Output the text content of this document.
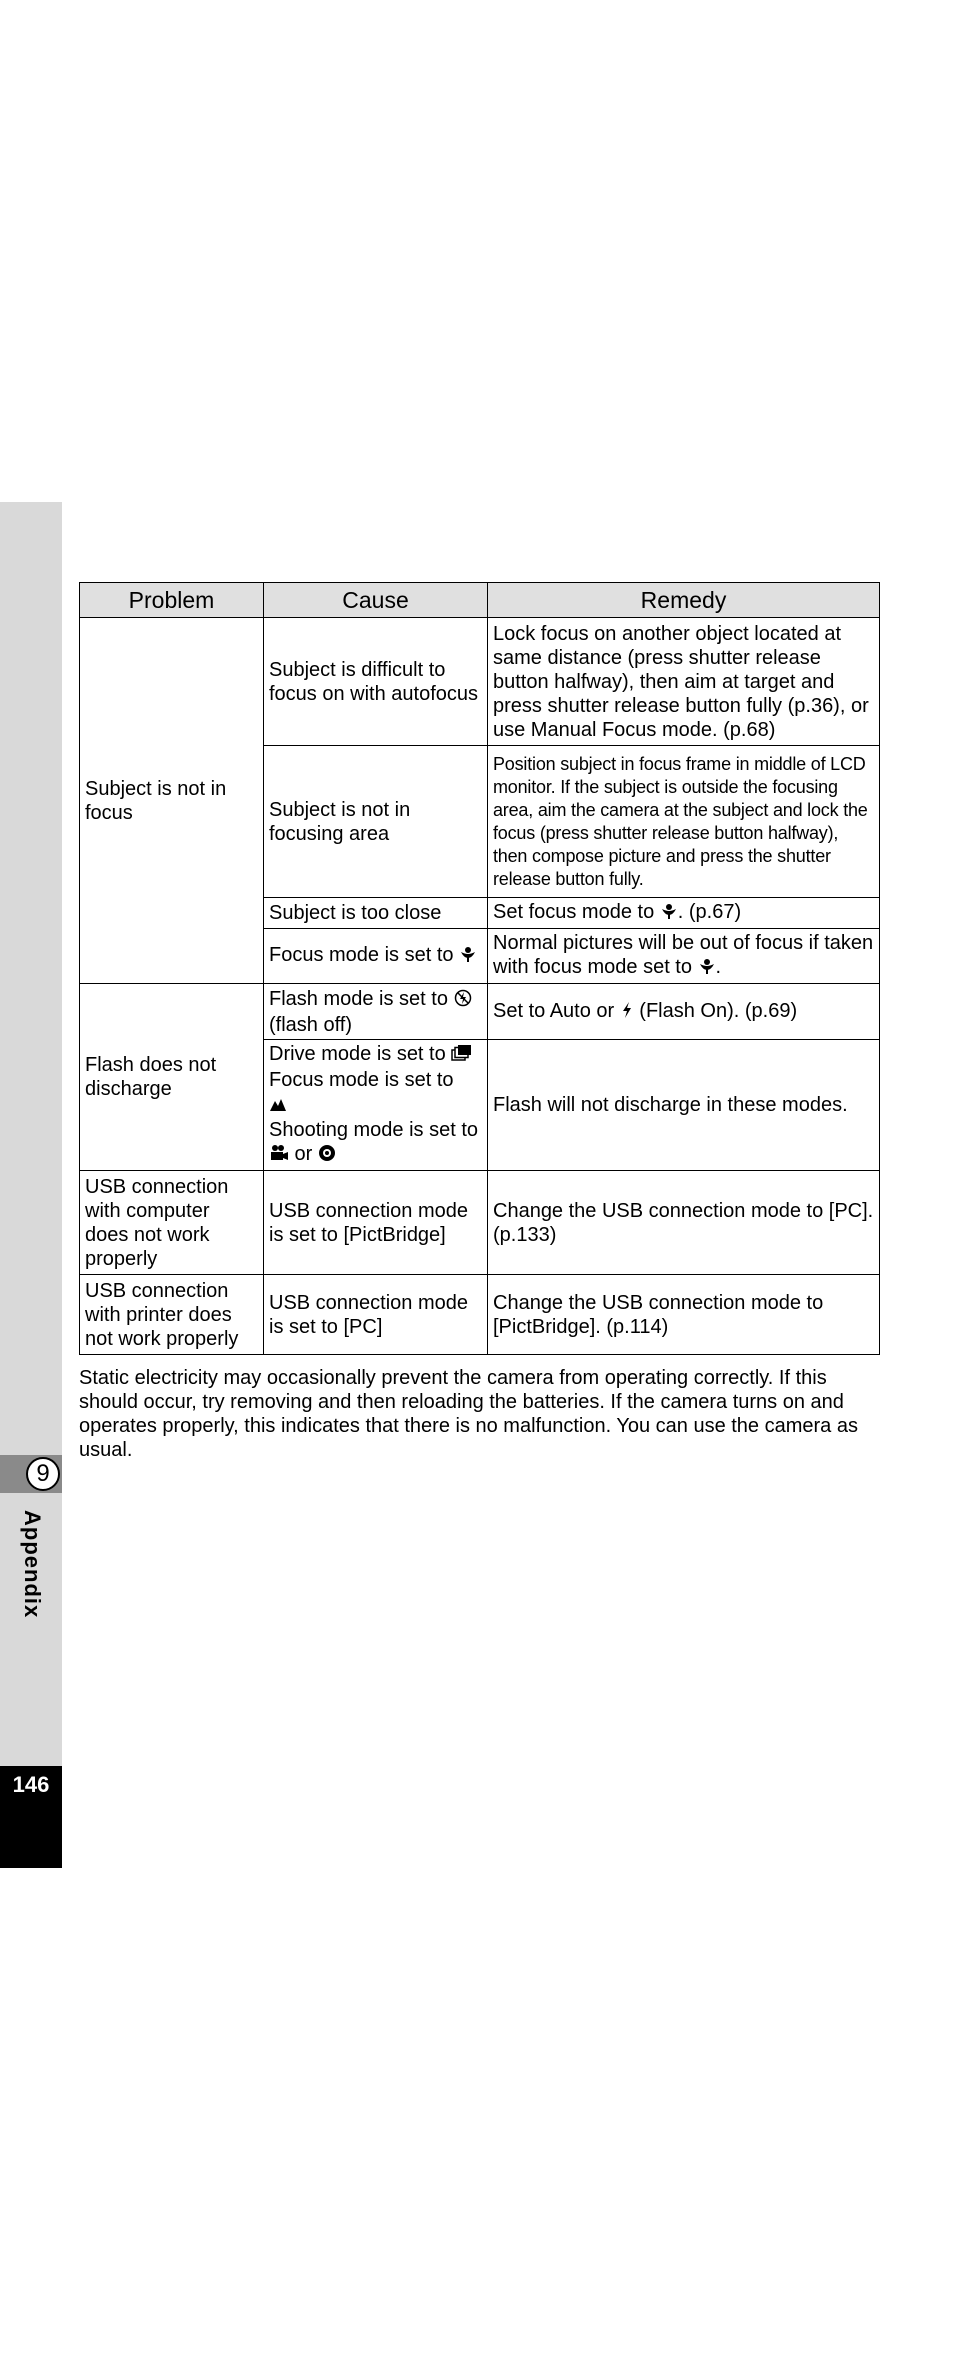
9
Appendix
146
Problem	Cause	Remedy
Subject is not in focus	Subject is difficult to focus on with autofocus	Lock focus on another object located at same distance (press shutter release button halfway), then aim at target and press shutter release button fully (p.36), or use Manual Focus mode. (p.68)
	Subject is not in focusing area	Position subject in focus frame in middle of LCD monitor. If the subject is outside the focusing area, aim the camera at the subject and lock the focus (press shutter release button halfway), then compose picture and press the shutter release button fully.
	Subject is too close	Set focus mode to . (p.67)
	Focus mode is set to	Normal pictures will be out of focus if taken with focus mode set to .
Flash does not discharge	Flash mode is set to  (flash off)	Set to Auto or  (Flash On). (p.69)
	Drive mode is set to
Focus mode is set to

Shooting mode is set to  or	Flash will not discharge in these modes.
USB connection with computer does not work properly	USB connection mode is set to [PictBridge]	Change the USB connection mode to [PC]. (p.133)
USB connection with printer does not work properly	USB connection mode is set to [PC]	Change the USB connection mode to [PictBridge]. (p.114)

Static electricity may occasionally prevent the camera from operating correctly. If this should occur, try removing and then reloading the batteries. If the camera turns on and operates properly, this indicates that there is no malfunction. You can use the camera as usual.
